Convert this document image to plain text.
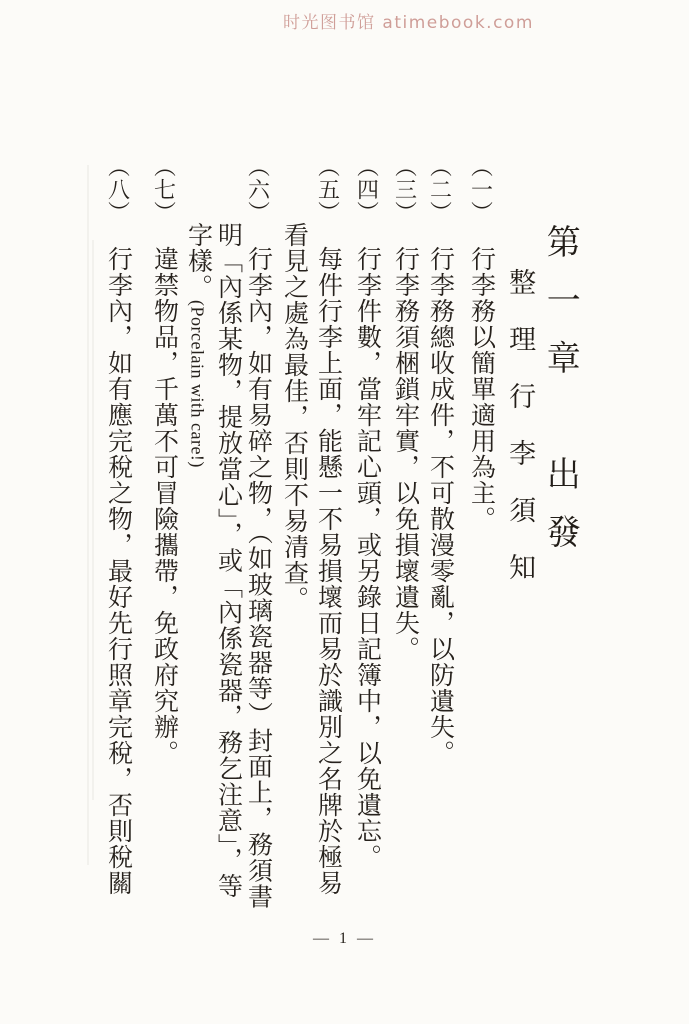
时光图书馆 atimebook.com
第一章　出發
整理行李須知
（一）行李務以簡單適用為主。
（二）行李務總收成件，不可散漫零亂，以防遺失。
（三）行李務須梱鎖牢實，以免損壞遺失。
（四）行李件數，當牢記心頭，或另錄日記簿中，以免遺忘。
（五）每件行李上面，能懸一不易損壞而易於識別之名牌於極易
看見之處為最佳，否則不易清查。
（六）行李內，如有易碎之物，（如玻璃瓷器等）封面上，務須書
明「內係某物，提放當心」，或「內係瓷器，務乞注意」，等
字樣。(Porcelain with care!)
（七）違禁物品，千萬不可冒險攜帶，免政府究辦。
（八）行李內，如有應完稅之物，最好先行照章完稅，否則稅關
— 1 —
